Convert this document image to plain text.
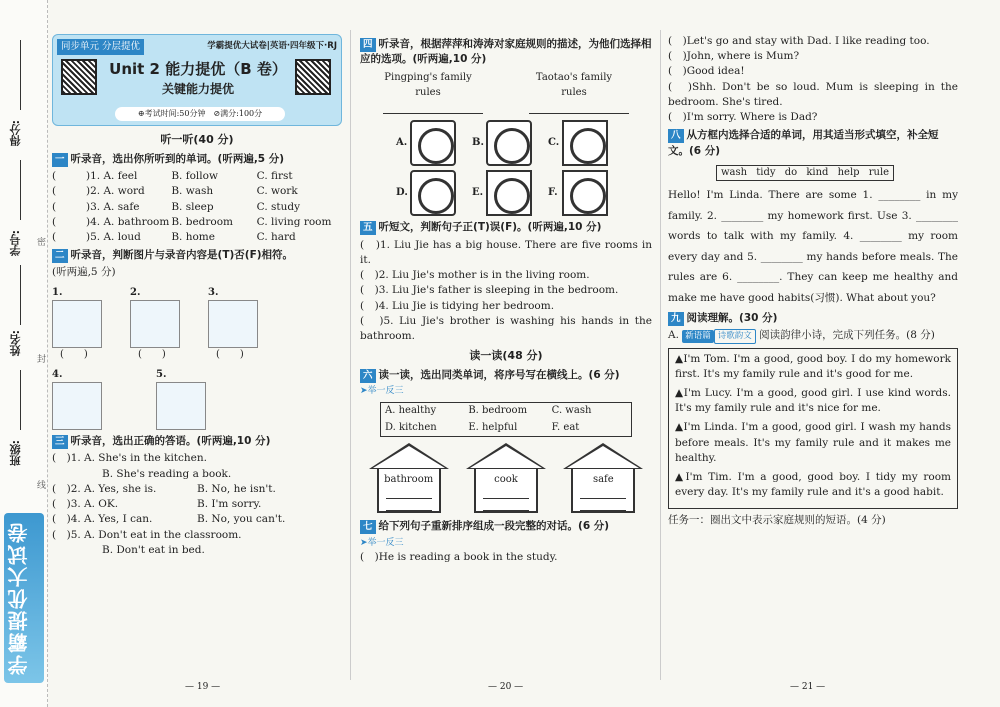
得分:
学号:
姓名:
班级:
密
封
线
学霸提优大试卷
同步单元 分层提优	学霸提优大试卷|英语·四年级下·RJ
Unit 2 能力提优（B 卷）
关键能力提优
⊕考试时间:50分钟　⊘满分:100分
听一听(40 分)
一 听录音，选出你所听到的单词。(听两遍,5 分)
(	)1. A. feel	B. follow	C. first
(	)2. A. word	B. wash	C. work
(	)3. A. safe	B. sleep	C. study
(	)4. A. bathroom B. bedroom	C. living room
(	)5. A. loud	B. home	C. hard
二 听录音，判断图片与录音内容是(T)否(F)相符。
(听两遍,5 分)
1.
(　　)
2.
(　　)
3.
(　　)
4.	5.
三 听录音，选出正确的答语。(听两遍,10 分)
(　)1. A. She's in the kitchen.
B. She's reading a book.
(　)2. A. Yes, she is.	B. No, he isn't.
(　)3. A. OK.	B. I'm sorry.
(　)4. A. Yes, I can.	B. No, you can't.
(　)5. A. Don't eat in the classroom.
B. Don't eat in bed.
四 听录音，根据萍萍和涛涛对家庭规则的描述，为他们选择相应的选项。(听两遍,10 分)
Pingping's family rules
Taotao's family rules
A.	B.	C.
D.	E.	F.
五 听短文，判断句子正(T)误(F)。(听两遍,10 分)
(　)1. Liu Jie has a big house. There are five rooms in it.
(　)2. Liu Jie's mother is in the living room.
(　)3. Liu Jie's father is sleeping in the bedroom.
(　)4. Liu Jie is tidying her bedroom.
(　)5. Liu Jie's brother is washing his hands in the bathroom.
读一读(48 分)
六 读一读，选出同类单词，将序号写在横线上。(6 分)
➤举一反三
A. healthy	B. bedroom	C. wash
D. kitchen	E. helpful	F. eat
bathroom	cook	safe
七 给下列句子重新排序组成一段完整的对话。(6 分)
➤举一反三
(　)He is reading a book in the study.
(　)Let's go and stay with Dad. I like reading too.
(　)John, where is Mum?
(　)Good idea!
(　)Shh. Don't be so loud. Mum is sleeping in the bedroom. She's tired.
(　)I'm sorry. Where is Dad?
八 从方框内选择合适的单词，用其适当形式填空，补全短文。(6 分)
wash tidy do kind help rule
Hello! I'm Linda. There are some 1. ________ in my family. 2. ________ my homework first. Use 3. ________ words to talk with my family. 4. ________ my room every day and 5. ________ my hands before meals. The rules are 6. ________. They can keep me healthy and make me have good habits(习惯). What about you?
九 阅读理解。(30 分)
A. 新语篇 诗歌韵文 阅读韵律小诗，完成下列任务。(8 分)

▲I'm Tom. I'm a good, good boy. I do my homework first. It's my family rule and it's good for me.

▲I'm Lucy. I'm a good, good girl. I use kind words. It's my family rule and it's nice for me.

▲I'm Linda. I'm a good, good girl. I wash my hands before meals. It's my family rule and it makes me healthy.

▲I'm Tim. I'm a good, good boy. I tidy my room every day. It's my family rule and it's a good habit.

任务一：圈出文中表示家庭规则的短语。(4 分)
— 19 —	— 20 —	— 21 —
